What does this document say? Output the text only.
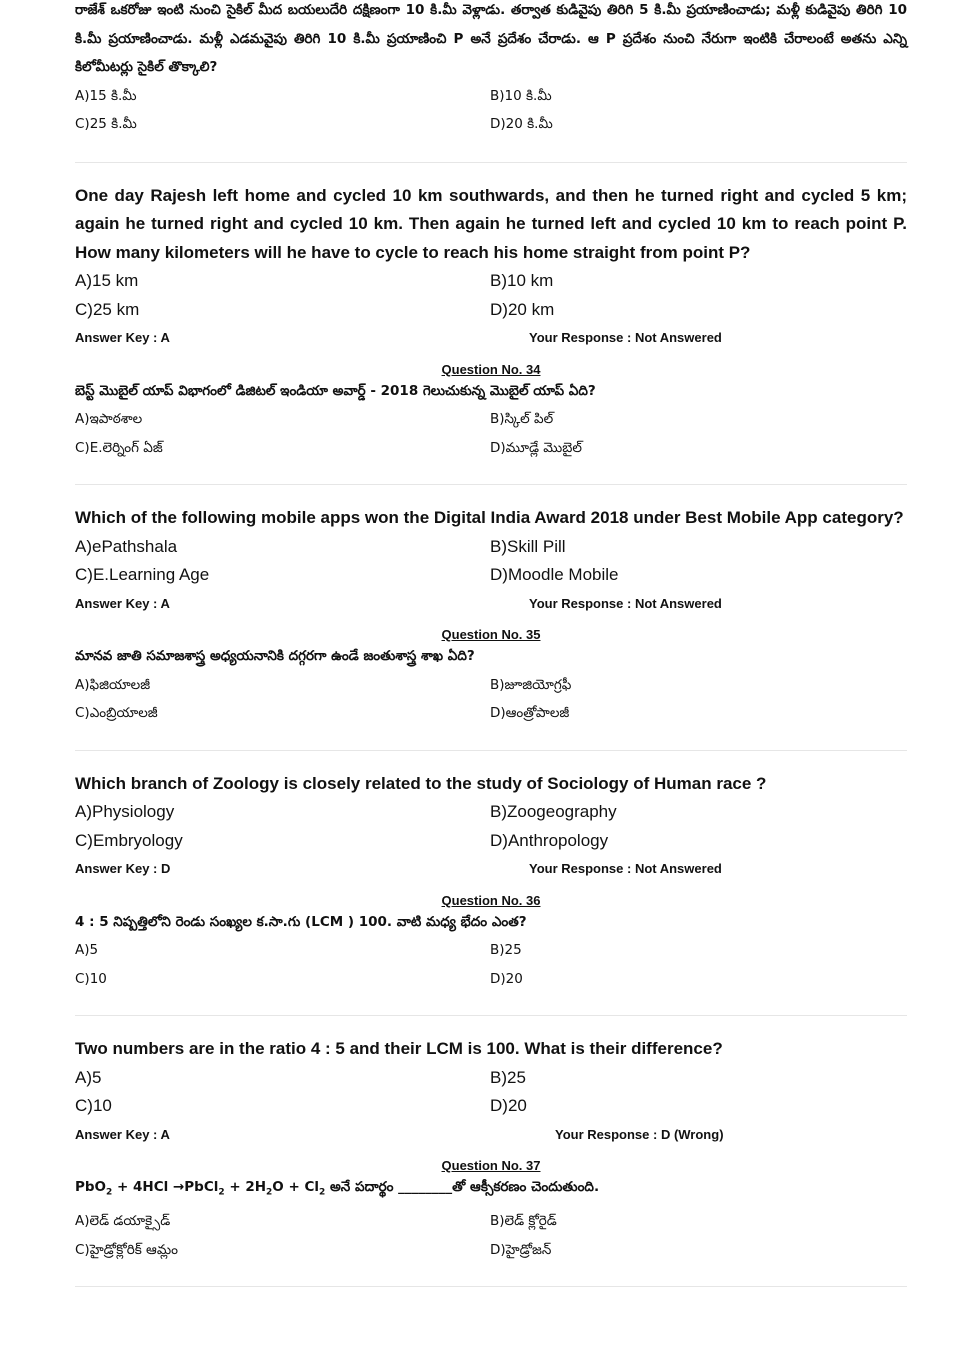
రాజేశ్ ఒకరోజు ఇంటి నుంచి సైకిల్ మీద బయలుదేరి దక్షిణంగా 10 కి.మీ వెళ్లాడు. తర్వాత కుడివైపు తిరిగి 5 కి.మీ ప్రయాణించాడు; మళ్లీ కుడివైపు తిరిగి 10 కి.మీ ప్రయాణించాడు. మళ్లీ ఎడమవైపు తిరిగి 10 కి.మీ ప్రయాణించి P అనే ప్రదేశం చేరాడు. ఆ P ప్రదేశం నుంచి నేరుగా ఇంటికి చేరాలంటే అతను ఎన్ని కిలోమీటర్లు సైకిల్ తొక్కాలి?

A)15 కి.మీ	B)10 కి.మీ
C)25 కి.మీ	D)20 కి.మీ

One day Rajesh left home and cycled 10 km southwards, and then he turned right and cycled 5 km; again he turned right and cycled 10 km. Then again he turned left and cycled 10 km to reach point P. How many kilometers will he have to cycle to reach his home straight from point P?

A)15 km	B)10 km
C)25 km	D)20 km
Answer Key : A	Your Response : Not Answered

Question No. 34

బెస్ట్ మొబైల్ యాప్ విభాగంలో డిజిటల్ ఇండియా అవార్డ్ - 2018 గెలుచుకున్న మొబైల్ యాప్ ఏది?

A)ఇపాఠశాల	B)స్కిల్ పిల్
C)E.లెర్నింగ్ ఏజ్	D)మూడ్లే మొబైల్

Which of the following mobile apps won the Digital India Award 2018 under Best Mobile App category?

A)ePathshala	B)Skill Pill
C)E.Learning Age	D)Moodle Mobile
Answer Key : A	Your Response : Not Answered

Question No. 35

మానవ జాతి సమాజశాస్త్ర అధ్యయనానికి దగ్గరగా ఉండే జంతుశాస్త్ర శాఖ ఏది?

A)ఫిజియాలజీ	B)జూజియోగ్రఫీ
C)ఎంబ్రియాలజీ	D)ఆంత్రోపాలజీ

Which branch of Zoology is closely related to the study of Sociology of Human race ?

A)Physiology	B)Zoogeography
C)Embryology	D)Anthropology
Answer Key : D	Your Response : Not Answered

Question No. 36

4 : 5 నిష్పత్తిలోని రెండు సంఖ్యల క.సా.గు (LCM ) 100. వాటి మధ్య భేదం ఎంత?

A)5	B)25
C)10	D)20

Two numbers are in the ratio 4 : 5 and their LCM is 100. What is their difference?

A)5	B)25
C)10	D)20
Answer Key : A	Your Response : D (Wrong)

Question No. 37

PbO$_2$ + 4HCl →PbCl$_2$ + $2H_2O + Cl_2$ అనే పదార్థం ________తో ఆక్సీకరణం చెందుతుంది.

A)లెడ్ డయాక్సైడ్	B)లెడ్ క్లోరైడ్
C)హైడ్రోక్లోరిక్ ఆమ్లం	D)హైడ్రోజన్
